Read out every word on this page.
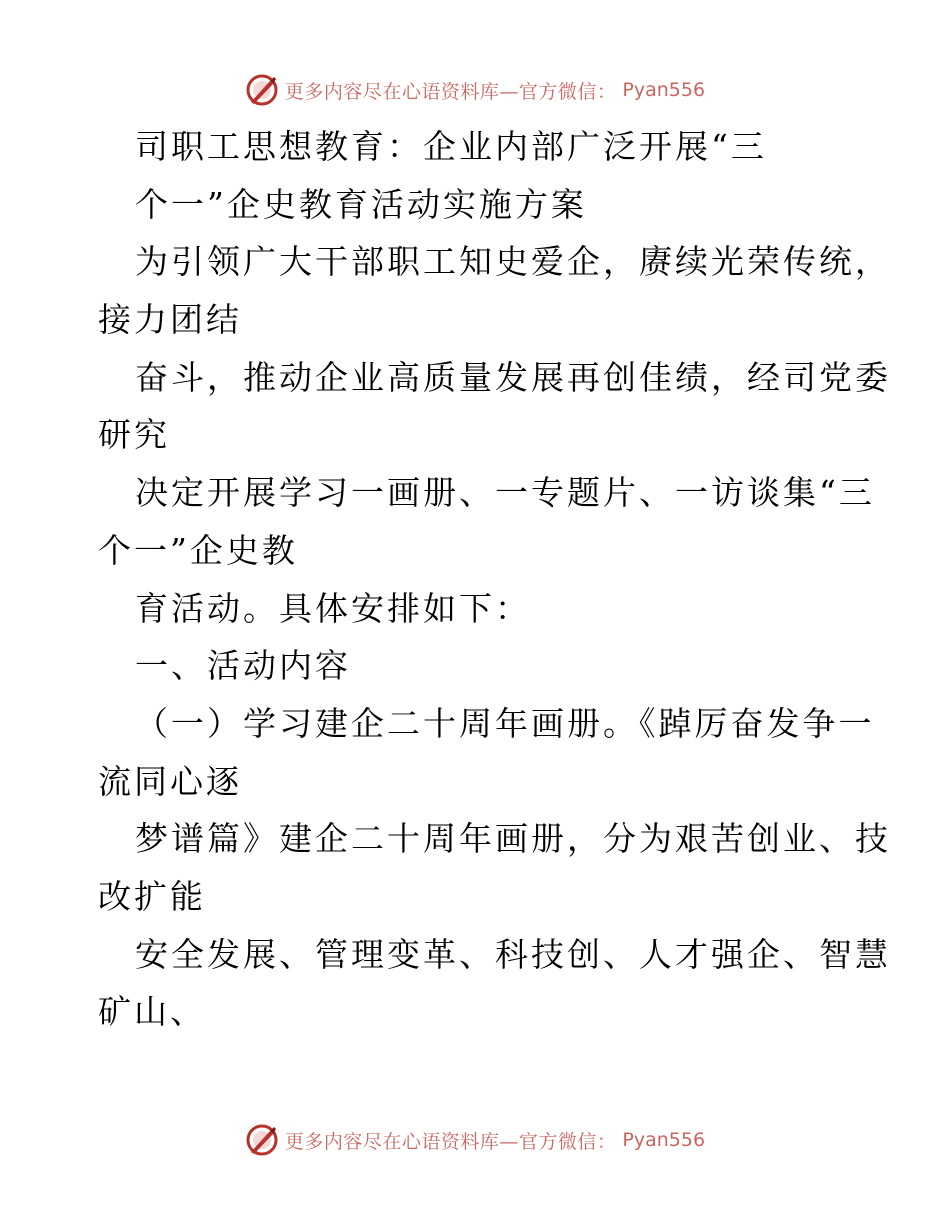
更多内容尽在心语资料库—官方微信： Pyan556
司职工思想教育：企业内部广泛开展“三
个一”企史教育活动实施方案
为引领广大干部职工知史爱企，赓续光荣传统，
接力团结
奋斗，推动企业高质量发展再创佳绩，经司党委
研究
决定开展学习一画册、一专题片、一访谈集“三
个一”企史教
育活动。具体安排如下：
一、活动内容
（一）学习建企二十周年画册。《踔厉奋发争一
流同心逐
梦谱篇》建企二十周年画册，分为艰苦创业、技
改扩能
安全发展、管理变革、科技创、人才强企、智慧
矿山、
更多内容尽在心语资料库—官方微信： Pyan556
